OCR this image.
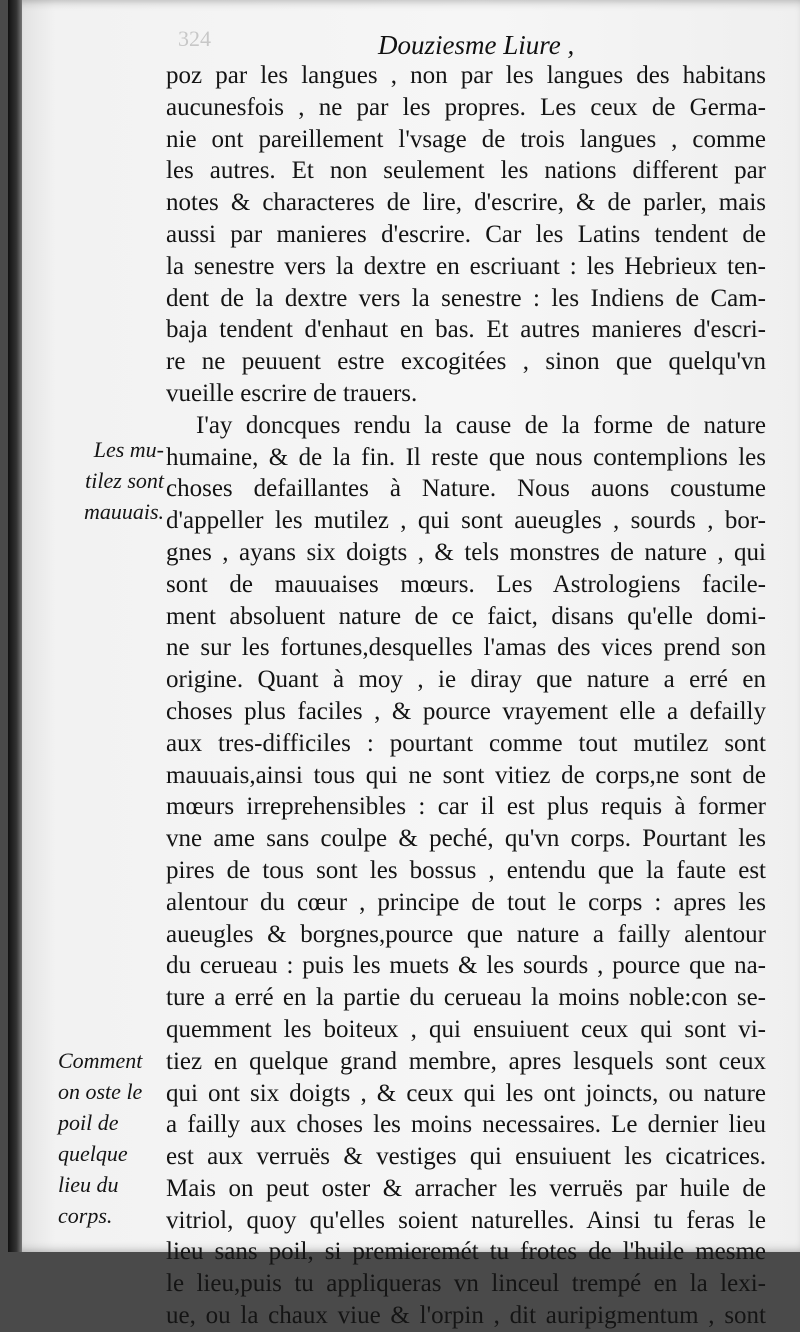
324	Douziesme Liure ,
Les mu-
tilez sont
mauuais.
Comment
on oste le
poil de
quelque
lieu du
corps.
poz par les langues , non par les langues des habitans
aucunesfois , ne par les propres. Les ceux de Germa-
nie ont pareillement l'vsage de trois langues , comme
les autres. Et non seulement les nations different par
notes & characteres de lire, d'escrire, & de parler, mais
aussi par manieres d'escrire. Car les Latins tendent de
la senestre vers la dextre en escriuant : les Hebrieux ten-
dent de la dextre vers la senestre : les Indiens de Cam-
baja tendent d'enhaut en bas. Et autres manieres d'escri-
re ne peuuent estre excogitées , sinon que quelqu'vn
vueille escrire de trauers.
I'ay doncques rendu la cause de la forme de nature
humaine, & de la fin. Il reste que nous contemplions les
choses defaillantes à Nature. Nous auons coustume
d'appeller les mutilez , qui sont aueugles , sourds , bor-
gnes , ayans six doigts , & tels monstres de nature , qui
sont de mauuaises mœurs. Les Astrologiens facile-
ment absoluent nature de ce faict, disans qu'elle domi-
ne sur les fortunes,desquelles l'amas des vices prend son
origine. Quant à moy , ie diray que nature a erré en
choses plus faciles , & pource vrayement elle a defailly
aux tres-difficiles : pourtant comme tout mutilez sont
mauuais,ainsi tous qui ne sont vitiez de corps,ne sont de
mœurs irreprehensibles : car il est plus requis à former
vne ame sans coulpe & peché, qu'vn corps. Pourtant les
pires de tous sont les bossus , entendu que la faute est
alentour du cœur , principe de tout le corps : apres les
aueugles & borgnes,pource que nature a failly alentour
du cerueau : puis les muets & les sourds , pource que na-
ture a erré en la partie du cerueau la moins noble:con se-
quemment les boiteux , qui ensuiuent ceux qui sont vi-
tiez en quelque grand membre, apres lesquels sont ceux
qui ont six doigts , & ceux qui les ont joincts, ou nature
a failly aux choses les moins necessaires. Le dernier lieu
est aux verruës & vestiges qui ensuiuent les cicatrices.
Mais on peut oster & arracher les verruës par huile de
vitriol, quoy qu'elles soient naturelles. Ainsi tu feras le
lieu sans poil, si premieremét tu frotes de l'huile mesme
le lieu,puis tu appliqueras vn linceul trempé en la lexi-
ue, ou la chaux viue & l'orpin , dit auripigmentum , sont
